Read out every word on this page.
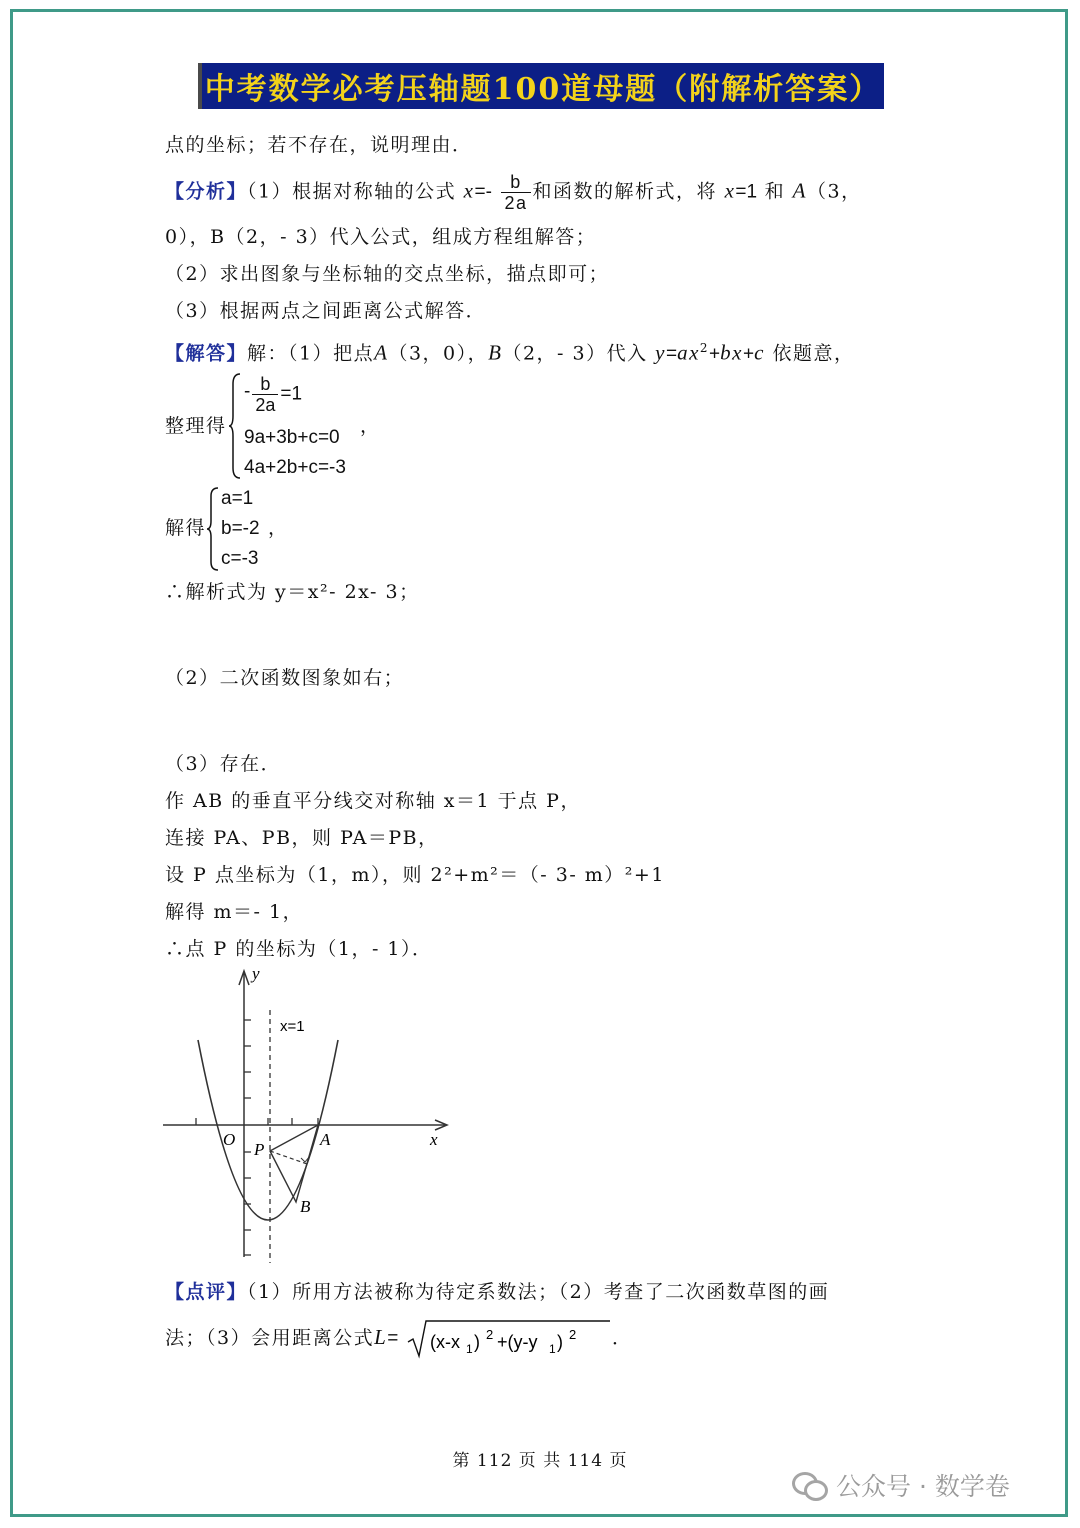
中考数学必考压轴题100道母题（附解析答案）
点的坐标；若不存在，说明理由．
【分析】（1）根据对称轴的公式 $x=- \frac{b}{2a}$ 和函数的解析式，将 x=1 和 A（3，
0），B（2，- 3）代入公式，组成方程组解答；
（2）求出图象与坐标轴的交点坐标，描点即可；
（3）根据两点之间距离公式解答．
【解答】解：（1）把点A（3，0），B（2，- 3）代入 $y=ax^2+bx+c$ 依题意，
整理得
- $\frac{b}{2a} =1$
9a+3b+c=0
4a+2b+c=-3
，
解得
a=1
b=-2
c=-3
，
∴解析式为 y＝x²- 2x- 3；
（2）二次函数图象如右；
（3）存在．
作 AB 的垂直平分线交对称轴 x＝1 于点 P，
连接 PA、PB，则 PA＝PB，
设 P 点坐标为（1，m），则 2²+m²＝（- 3- m）²+1
解得 m＝- 1，
∴点 P 的坐标为（1，- 1）．
y
x
O
x=1
P
A
B
【点评】（1）所用方法被称为待定系数法；（2）考查了二次函数草图的画
法；（3）会用距离公式L= (x-x 1 ) 2 +(y-y 1 ) 2 ．
第 112 页 共 114 页
公众号 · 数学卷
